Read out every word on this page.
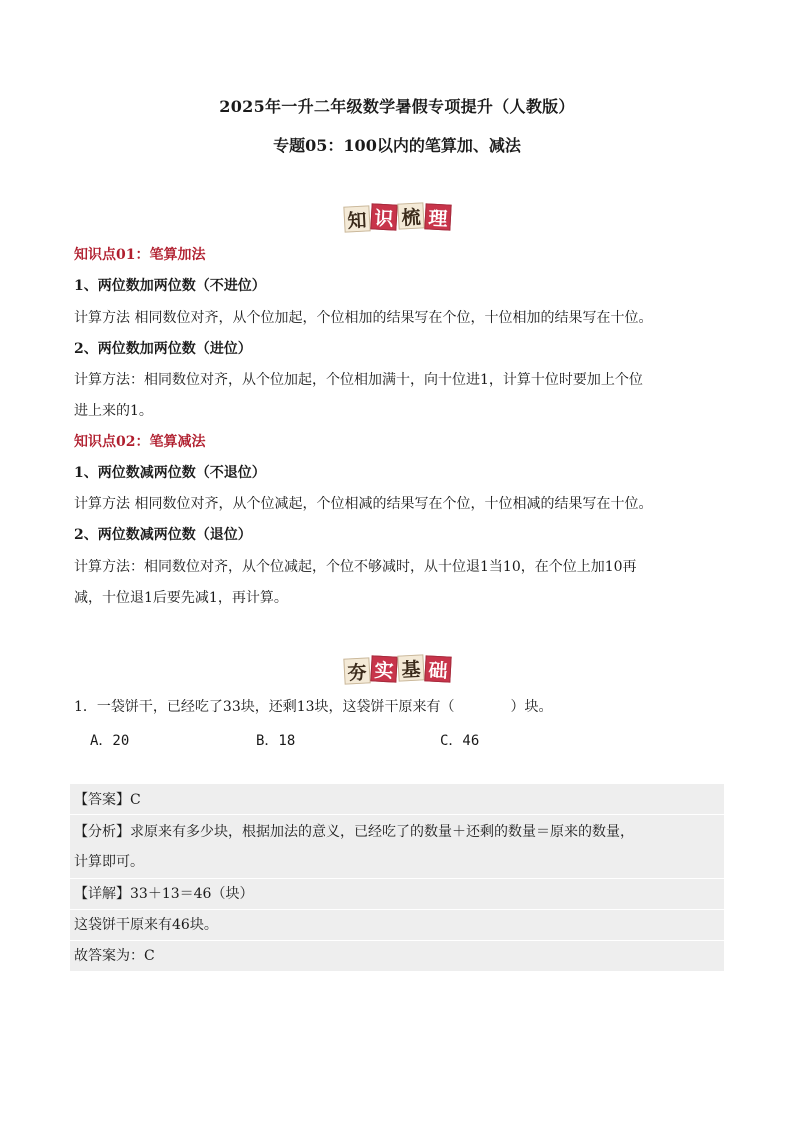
2025年一升二年级数学暑假专项提升（人教版）
专题05：100以内的笔算加、减法
知 识 梳 理
知识点01：笔算加法
1、两位数加两位数（不进位）
计算方法 相同数位对齐，从个位加起，个位相加的结果写在个位，十位相加的结果写在十位。
2、两位数加两位数（进位）
计算方法：相同数位对齐，从个位加起，个位相加满十，向十位进1，计算十位时要加上个位
进上来的1。
知识点02：笔算减法
1、两位数减两位数（不退位）
计算方法 相同数位对齐，从个位减起，个位相减的结果写在个位，十位相减的结果写在十位。
2、两位数减两位数（退位）
计算方法：相同数位对齐，从个位减起，个位不够减时，从十位退1当10，在个位上加10再
减，十位退1后要先减1，再计算。
夯 实 基 础
1．一袋饼干，已经吃了33块，还剩13块，这袋饼干原来有（　　　　）块。
A．20	B．18	C．46
【答案】C
【分析】求原来有多少块，根据加法的意义，已经吃了的数量＋还剩的数量＝原来的数量，
计算即可。
【详解】33＋13＝46（块）
这袋饼干原来有46块。
故答案为：C
